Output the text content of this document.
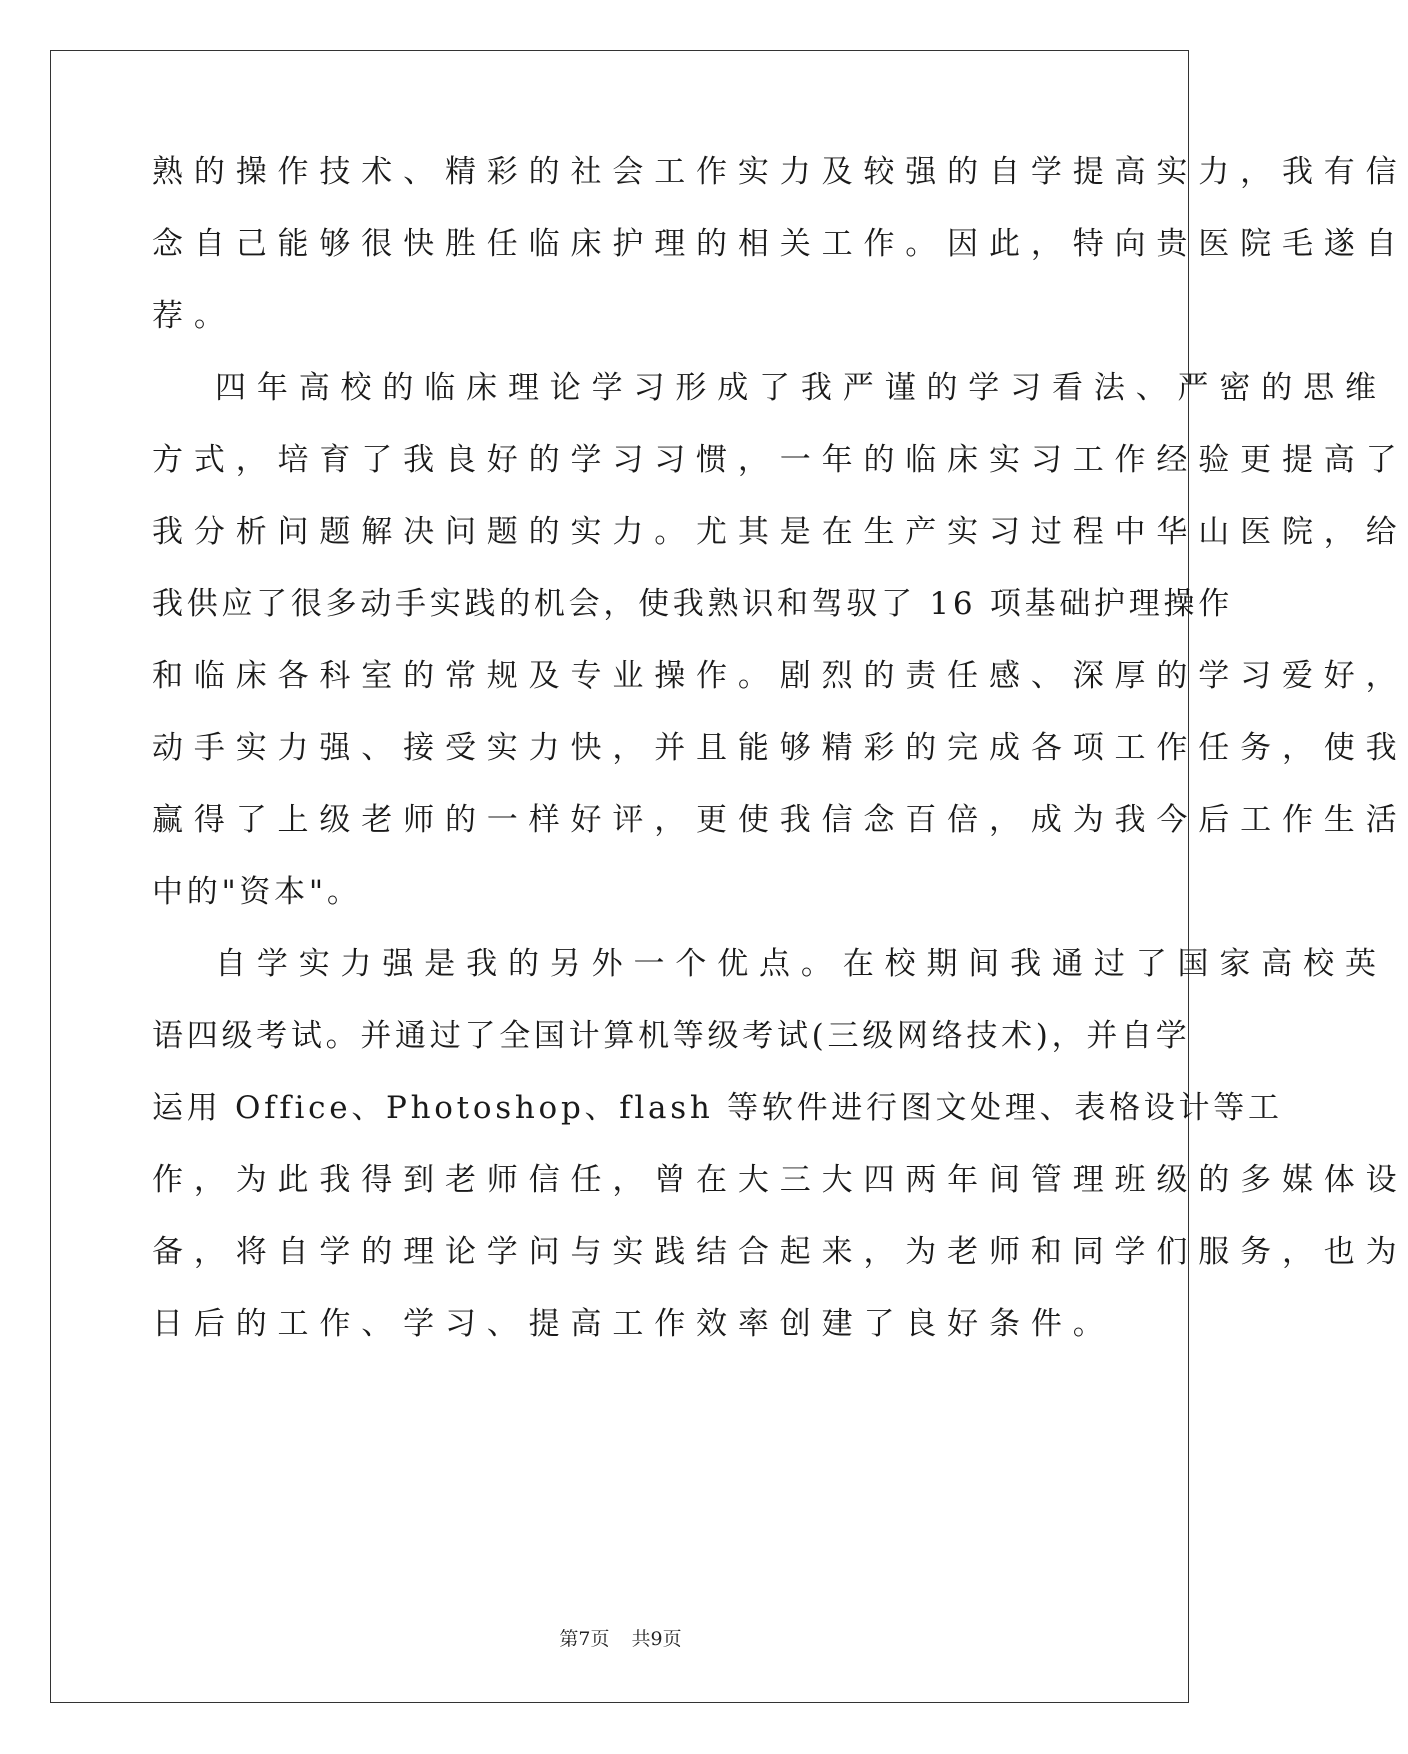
熟的操作技术、精彩的社会工作实力及较强的自学提高实力，我有信
念自己能够很快胜任临床护理的相关工作。因此，特向贵医院毛遂自
荐。
四年高校的临床理论学习形成了我严谨的学习看法、严密的思维
方式，培育了我良好的学习习惯，一年的临床实习工作经验更提高了
我分析问题解决问题的实力。尤其是在生产实习过程中华山医院，给
我供应了很多动手实践的机会，使我熟识和驾驭了 16 项基础护理操作
和临床各科室的常规及专业操作。剧烈的责任感、深厚的学习爱好，
动手实力强、接受实力快，并且能够精彩的完成各项工作任务，使我
赢得了上级老师的一样好评，更使我信念百倍，成为我今后工作生活
中的"资本"。
自学实力强是我的另外一个优点。在校期间我通过了国家高校英
语四级考试。并通过了全国计算机等级考试(三级网络技术)，并自学
运用 Office、Photoshop、flash 等软件进行图文处理、表格设计等工
作，为此我得到老师信任，曾在大三大四两年间管理班级的多媒体设
备，将自学的理论学问与实践结合起来，为老师和同学们服务，也为
日后的工作、学习、提高工作效率创建了良好条件。
第7页 共9页
